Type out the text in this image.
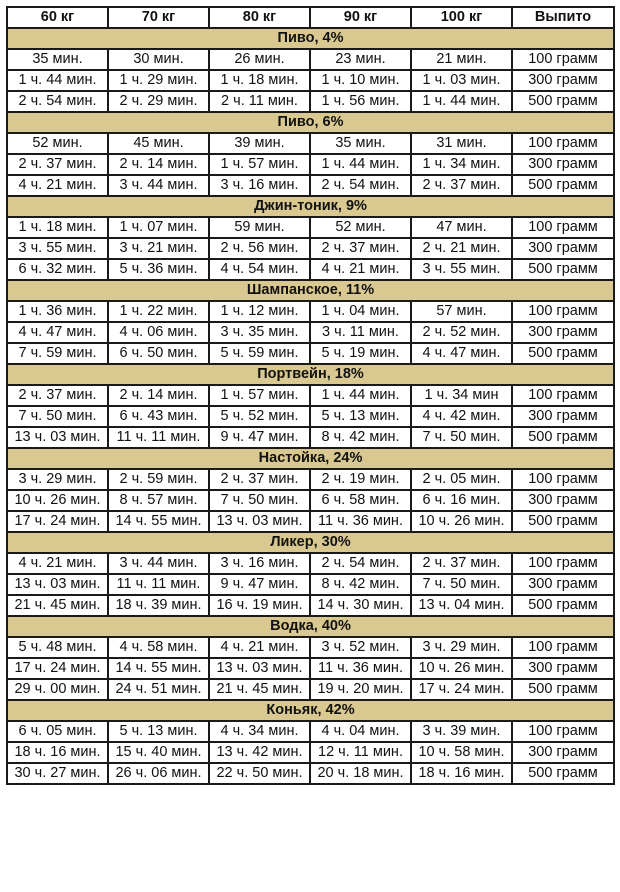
60 кг	70 кг	80 кг	90 кг	100 кг	Выпито
Пиво, 4%					
35 мин.	30 мин.	26 мин.	23 мин.	21 мин.	100 грамм
1 ч. 44 мин.	1 ч. 29 мин.	1 ч. 18 мин.	1 ч. 10 мин.	1 ч. 03 мин.	300 грамм
2 ч. 54 мин.	2 ч. 29 мин.	2 ч. 11 мин.	1 ч. 56 мин.	1 ч. 44 мин.	500 грамм
Пиво, 6%					
52 мин.	45 мин.	39 мин.	35 мин.	31 мин.	100 грамм
2 ч. 37 мин.	2 ч. 14 мин.	1 ч. 57 мин.	1 ч. 44 мин.	1 ч. 34 мин.	300 грамм
4 ч. 21 мин.	3 ч. 44 мин.	3 ч. 16 мин.	2 ч. 54 мин.	2 ч. 37 мин.	500 грамм
Джин-тоник, 9%					
1 ч. 18 мин.	1 ч. 07 мин.	59 мин.	52 мин.	47 мин.	100 грамм
3 ч. 55 мин.	3 ч. 21 мин.	2 ч. 56 мин.	2 ч. 37 мин.	2 ч. 21 мин.	300 грамм
6 ч. 32 мин.	5 ч. 36 мин.	4 ч. 54 мин.	4 ч. 21 мин.	3 ч. 55 мин.	500 грамм
Шампанское, 11%					
1 ч. 36 мин.	1 ч. 22 мин.	1 ч. 12 мин.	1 ч. 04 мин.	57 мин.	100 грамм
4 ч. 47 мин.	4 ч. 06 мин.	3 ч. 35 мин.	3 ч. 11 мин.	2 ч. 52 мин.	300 грамм
7 ч. 59 мин.	6 ч. 50 мин.	5 ч. 59 мин.	5 ч. 19 мин.	4 ч. 47 мин.	500 грамм
Портвейн, 18%					
2 ч. 37 мин.	2 ч. 14 мин.	1 ч. 57 мин.	1 ч. 44 мин.	1 ч. 34 мин	100 грамм
7 ч. 50 мин.	6 ч. 43 мин.	5 ч. 52 мин.	5 ч. 13 мин.	4 ч. 42 мин.	300 грамм
13 ч. 03 мин.	11 ч. 11 мин.	9 ч. 47 мин.	8 ч. 42 мин.	7 ч. 50 мин.	500 грамм
Настойка, 24%					
3 ч. 29 мин.	2 ч. 59 мин.	2 ч. 37 мин.	2 ч. 19 мин.	2 ч. 05 мин.	100 грамм
10 ч. 26 мин.	8 ч. 57 мин.	7 ч. 50 мин.	6 ч. 58 мин.	6 ч. 16 мин.	300 грамм
17 ч. 24 мин.	14 ч. 55 мин.	13 ч. 03 мин.	11 ч. 36 мин.	10 ч. 26 мин.	500 грамм
Ликер, 30%					
4 ч. 21 мин.	3 ч. 44 мин.	3 ч. 16 мин.	2 ч. 54 мин.	2 ч. 37 мин.	100 грамм
13 ч. 03 мин.	11 ч. 11 мин.	9 ч. 47 мин.	8 ч. 42 мин.	7 ч. 50 мин.	300 грамм
21 ч. 45 мин.	18 ч. 39 мин.	16 ч. 19 мин.	14 ч. 30 мин.	13 ч. 04 мин.	500 грамм
Водка, 40%					
5 ч. 48 мин.	4 ч. 58 мин.	4 ч. 21 мин.	3 ч. 52 мин.	3 ч. 29 мин.	100 грамм
17 ч. 24 мин.	14 ч. 55 мин.	13 ч. 03 мин.	11 ч. 36 мин.	10 ч. 26 мин.	300 грамм
29 ч. 00 мин.	24 ч. 51 мин.	21 ч. 45 мин.	19 ч. 20 мин.	17 ч. 24 мин.	500 грамм
Коньяк, 42%					
6 ч. 05 мин.	5 ч. 13 мин.	4 ч. 34 мин.	4 ч. 04 мин.	3 ч. 39 мин.	100 грамм
18 ч. 16 мин.	15 ч. 40 мин.	13 ч. 42 мин.	12 ч. 11 мин.	10 ч. 58 мин.	300 грамм
30 ч. 27 мин.	26 ч. 06 мин.	22 ч. 50 мин.	20 ч. 18 мин.	18 ч. 16 мин.	500 грамм
